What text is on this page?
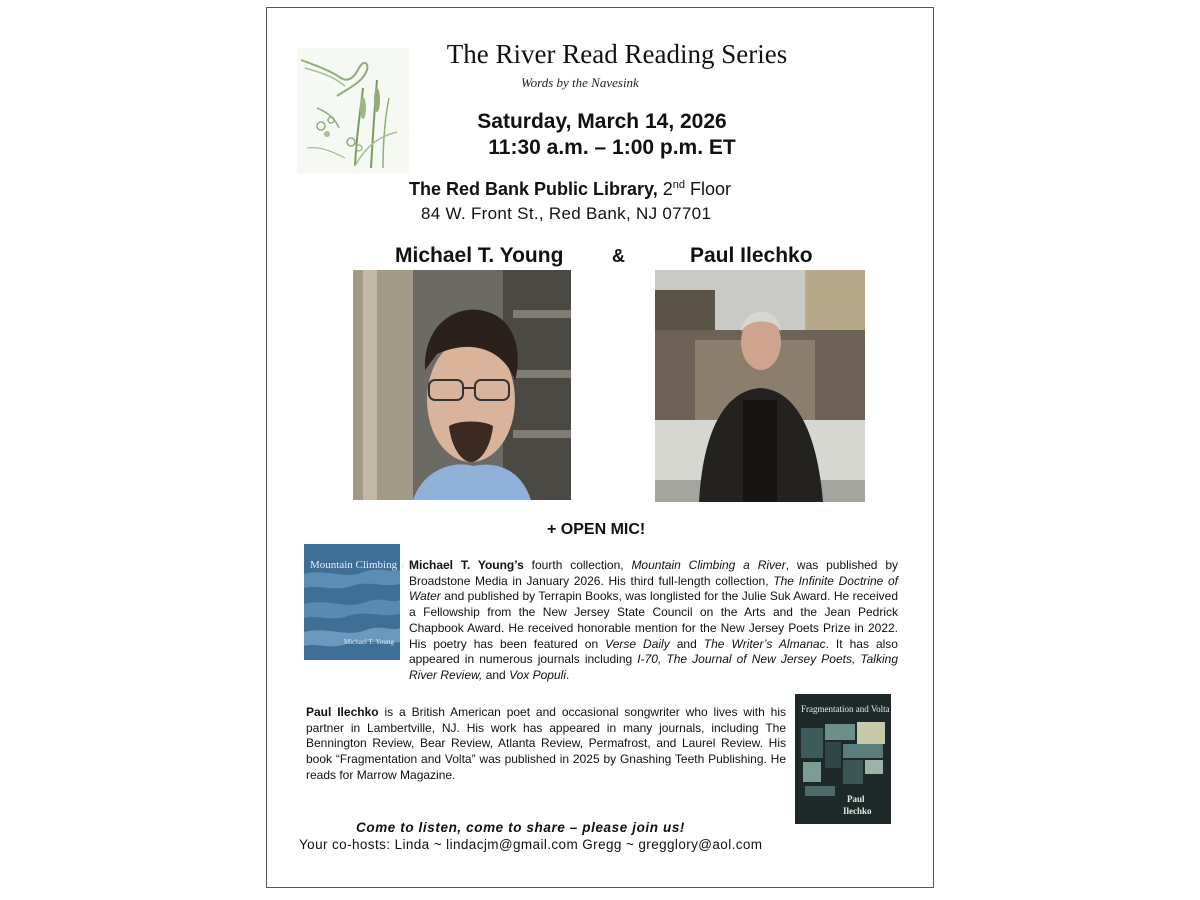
The River Read Reading Series
Words by the Navesink
Saturday, March 14, 2026
11:30 a.m. – 1:00 p.m. ET
The Red Bank Public Library, 2nd Floor
84 W. Front St., Red Bank, NJ 07701
Michael T. Young	&	Paul Ilechko
+ OPEN MIC!
Mountain Climbing a River
Michael T. Young
Michael T. Young’s fourth collection, Mountain Climbing a River, was published by Broadstone Media in January 2026. His third full-length collection, The Infinite Doctrine of Water and published by Terrapin Books, was longlisted for the Julie Suk Award. He received a Fellowship from the New Jersey State Council on the Arts and the Jean Pedrick Chapbook Award. He received honorable mention for the New Jersey Poets Prize in 2022. His poetry has been featured on Verse Daily and The Writer’s Almanac. It has also appeared in numerous journals including I-70, The Journal of New Jersey Poets, Talking River Review, and Vox Populi.
Paul Ilechko is a British American poet and occasional songwriter who lives with his partner in Lambertville, NJ. His work has appeared in many journals, including The Bennington Review, Bear Review, Atlanta Review, Permafrost, and Laurel Review. His book “Fragmentation and Volta” was published in 2025 by Gnashing Teeth Publishing. He reads for Marrow Magazine.
Fragmentation and Volta
Paul
Ilechko
Come to listen, come to share – please join us!
Your co-hosts: Linda ~ lindacjm@gmail.com Gregg ~ gregglory@aol.com
